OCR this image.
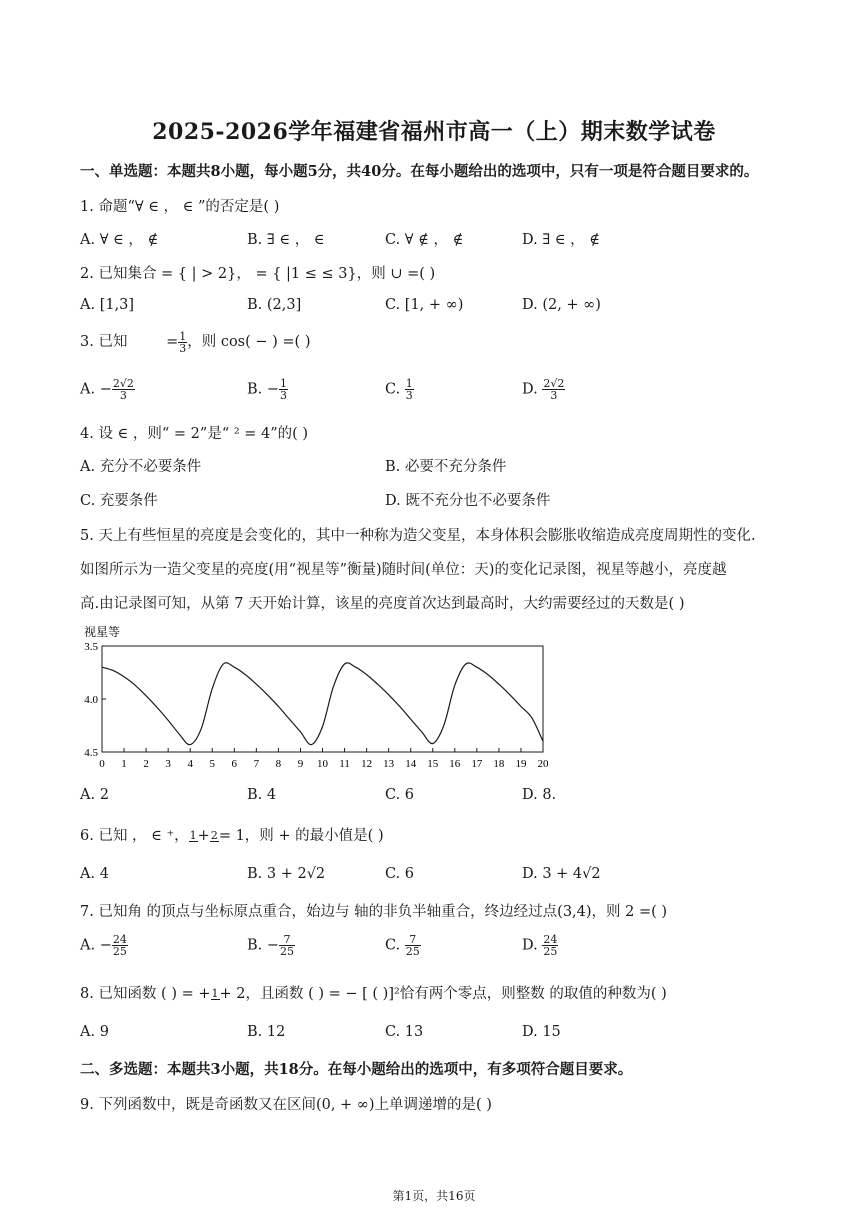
2025-2026学年福建省福州市高一（上）期末数学试卷
一、单选题：本题共8小题，每小题5分，共40分。在每小题给出的选项中，只有一项是符合题目要求的。
1. 命题“∀ ∈ ， ∈ ”的否定是( )
A. ∀ ∈ ， ∉	B. ∃ ∈ ， ∈	C. ∀ ∉ ， ∉	D. ∃ ∈ ， ∉
2. 已知集合 = { | > 2}， = { |1 ≤ ≤ 3}，则 ∪ =( )
A. [1,3]	B. (2,3]	C. [1, + ∞)	D. (2, + ∞)
3. 已知	= $\frac{1}{3}$ ，则 cos( − ) =( )
A. − $\frac{2√2}{3}$	B. − $\frac{1}{3}$	C. $\frac{1}{3}$	D. $\frac{2√2}{3}$
4. 设 ∈ ，则“ = 2”是“ ² = 4”的( )
A. 充分不必要条件	B. 必要不充分条件
C. 充要条件	D. 既不充分也不必要条件
5. 天上有些恒星的亮度是会变化的，其中一种称为造父变星，本身体积会膨胀收缩造成亮度周期性的变化.
如图所示为一造父变星的亮度(用“视星等”衡量)随时间(单位：天)的变化记录图，视星等越小，亮度越
高.由记录图可知，从第 7 天开始计算，该星的亮度首次达到最高时，大约需要经过的天数是( )
视星等
3.5
4.0
4.5
0 1 2 3 4 5 6 7 8 9 10 11 12 13 14 15 16 17 18 19 20
A. 2	B. 4	C. 6	D. 8.
6. 已知 ， ∈ ⁺， 1 + 2 = 1，则 + 的最小值是( )
A. 4	B. 3 + 2√2	C. 6	D. 3 + 4√2
7. 已知角 的顶点与坐标原点重合，始边与 轴的非负半轴重合，终边经过点(3,4)，则 2 =( )
A. − $\frac{24}{25}$	B. − $\frac{7}{25}$	C. $\frac{7}{25}$	D. $\frac{24}{25}$
8. 已知函数 ( ) = + 1 + 2，且函数 ( ) = − [ ( )]²恰有两个零点，则整数 的取值的种数为( )
A. 9	B. 12	C. 13	D. 15
二、多选题：本题共3小题，共18分。在每小题给出的选项中，有多项符合题目要求。
9. 下列函数中，既是奇函数又在区间(0, + ∞)上单调递增的是( )
第1页，共16页
